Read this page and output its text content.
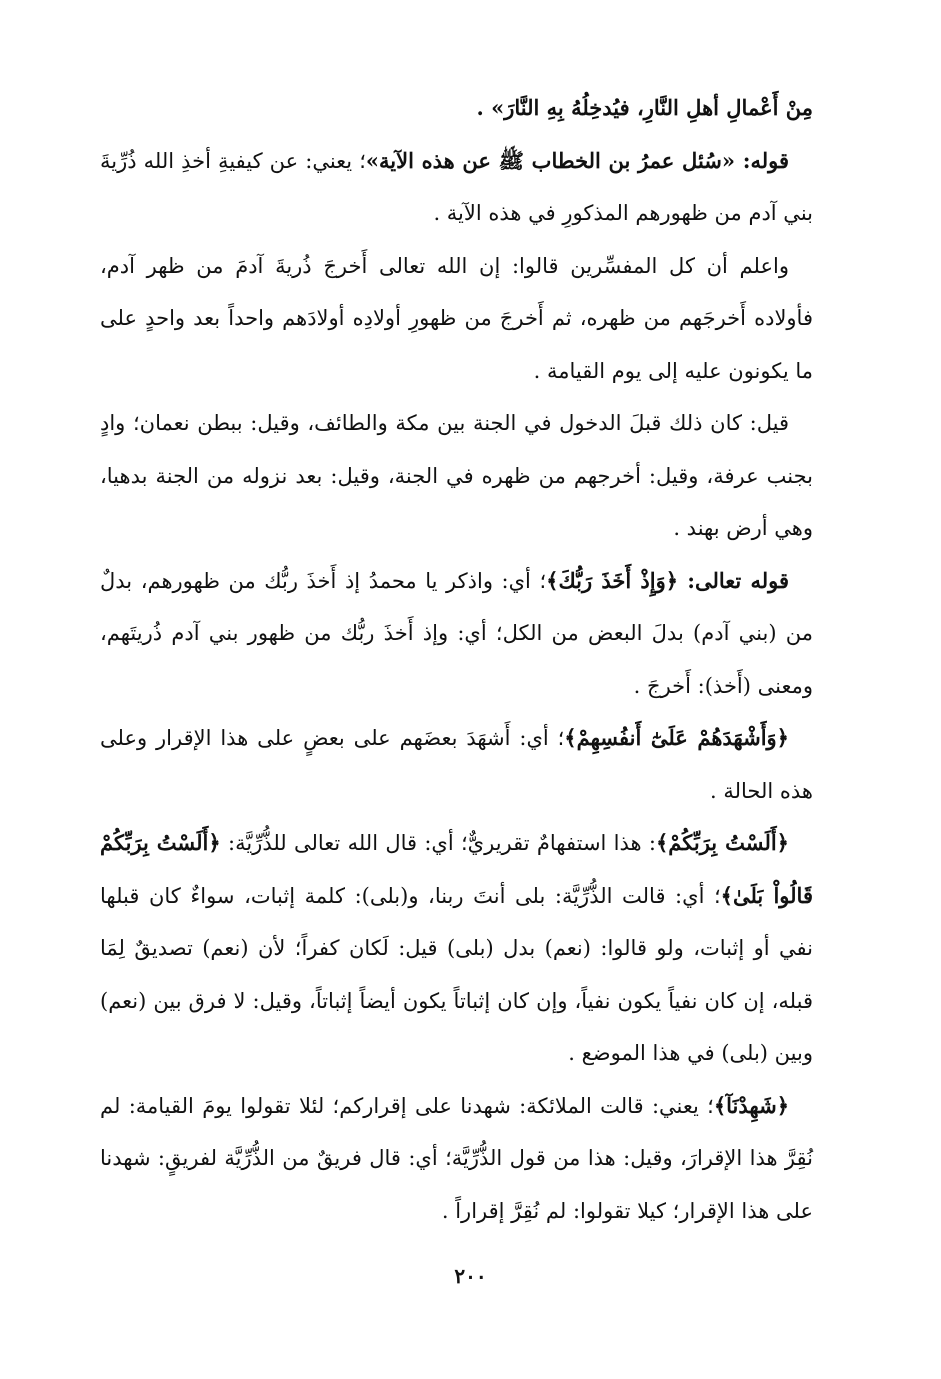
مِنْ أَعْمالِ أهلِ النَّارِ، فيُدخِلُهُ بِهِ النَّارَ» .

قوله: «سُئل عمرُ بن الخطاب ﷺ عن هذه الآية»؛ يعني: عن كيفيةِ أخذِ الله ذُرِّيةَ بني آدم من ظهورهم المذكورِ في هذه الآية .

واعلم أن كل المفسِّرين قالوا: إن الله تعالى أَخرجَ ذُريةَ آدمَ من ظهر آدم، فأولاده أَخرجَهم من ظهره، ثم أَخرجَ من ظهورِ أولادِه أولادَهم واحداً بعد واحدٍ على ما يكونون عليه إلى يوم القيامة .

قيل: كان ذلك قبلَ الدخول في الجنة بين مكة والطائف، وقيل: ببطن نعمان؛ وادٍ بجنب عرفة، وقيل: أخرجهم من ظهره في الجنة، وقيل: بعد نزوله من الجنة بدهيا، وهي أرض بهند .

قوله تعالى: ﴿وَإِذْ أَخَذَ رَبُّكَ﴾؛ أي: واذكر يا محمدُ إذ أَخذَ ربُّك من ظهورهم، بدلٌ من (بني آدم) بدلَ البعض من الكل؛ أي: وإذ أَخذَ ربُّك من ظهور بني آدم ذُريتَهم، ومعنى (أَخذ): أَخرجَ .

﴿وَأَشْهَدَهُمْ عَلَىٰٓ أَنفُسِهِمْ﴾؛ أي: أَشهَدَ بعضَهم على بعضٍ على هذا الإقرار وعلى هذه الحالة .

﴿أَلَسْتُ بِرَبِّكُمْ﴾: هذا استفهامٌ تقريريٌّ؛ أي: قال الله تعالى للذُّرِّيَّة: ﴿أَلَسْتُ بِرَبِّكُمْ قَالُواْ بَلَىٰ﴾؛ أي: قالت الذُّرِّيَّة: بلى أنتَ ربنا، و(بلى): كلمة إثبات، سواءٌ كان قبلها نفي أو إثبات، ولو قالوا: (نعم) بدل (بلى) قيل: لَكان كفراً؛ لأن (نعم) تصديقٌ لِمَا قبله، إن كان نفياً يكون نفياً، وإن كان إثباتاً يكون أيضاً إثباتاً، وقيل: لا فرق بين (نعم) وبين (بلى) في هذا الموضع .

﴿شَهِدْنَآ﴾؛ يعني: قالت الملائكة: شهدنا على إقراركم؛ لئلا تقولوا يومَ القيامة: لم نُقِرَّ هذا الإقرارَ، وقيل: هذا من قول الذُّرِّيَّة؛ أي: قال فريقٌ من الذُّرِّيَّة لفريقٍ: شهدنا على هذا الإقرار؛ كيلا تقولوا: لم نُقِرَّ إقراراً .

٢٠٠
